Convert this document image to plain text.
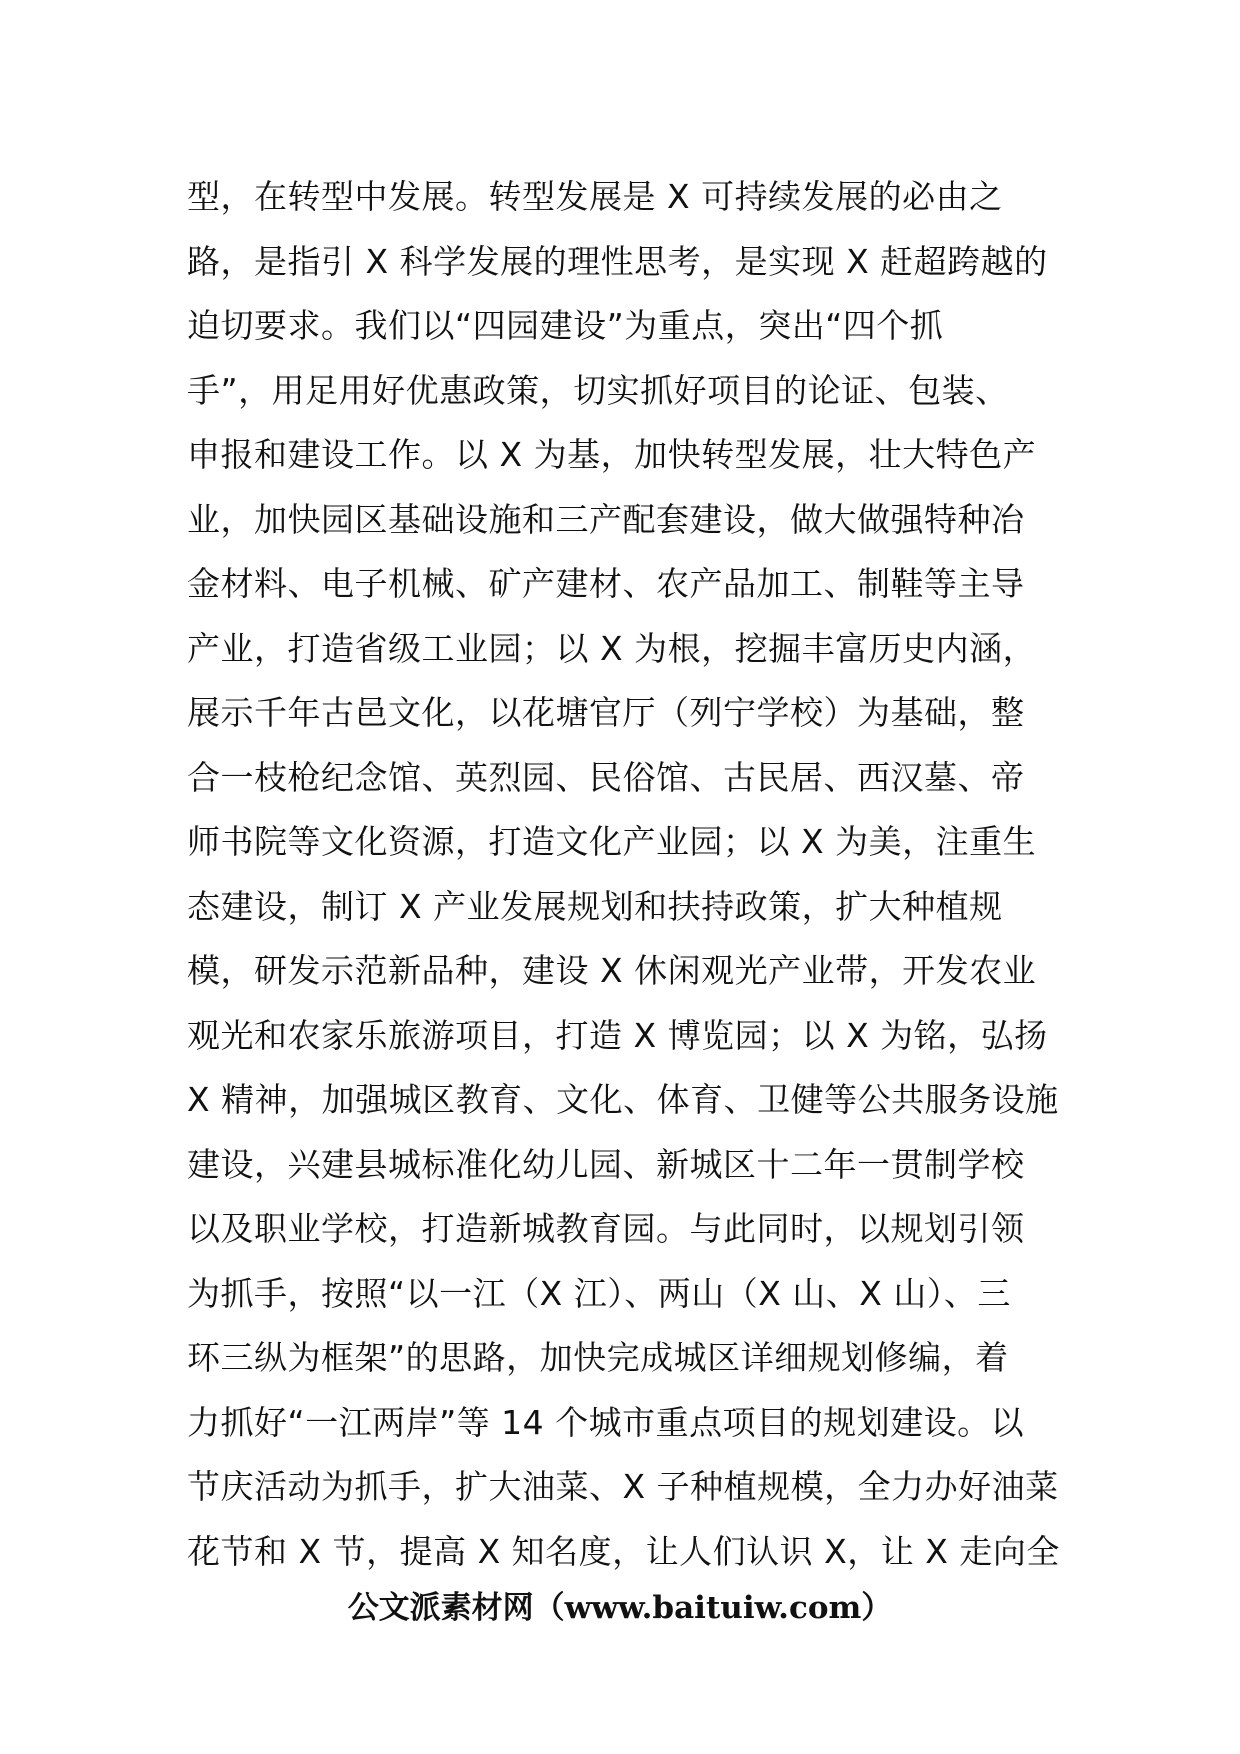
型，在转型中发展。转型发展是 X 可持续发展的必由之
路，是指引 X 科学发展的理性思考，是实现 X 赶超跨越的
迫切要求。我们以“四园建设”为重点，突出“四个抓
手”，用足用好优惠政策，切实抓好项目的论证、包装、
申报和建设工作。以 X 为基，加快转型发展，壮大特色产
业，加快园区基础设施和三产配套建设，做大做强特种冶
金材料、电子机械、矿产建材、农产品加工、制鞋等主导
产业，打造省级工业园；以 X 为根，挖掘丰富历史内涵，
展示千年古邑文化，以花塘官厅（列宁学校）为基础，整
合一枝枪纪念馆、英烈园、民俗馆、古民居、西汉墓、帝
师书院等文化资源，打造文化产业园；以 X 为美，注重生
态建设，制订 X 产业发展规划和扶持政策，扩大种植规
模，研发示范新品种，建设 X 休闲观光产业带，开发农业
观光和农家乐旅游项目，打造 X 博览园；以 X 为铭，弘扬
X 精神，加强城区教育、文化、体育、卫健等公共服务设施
建设，兴建县城标准化幼儿园、新城区十二年一贯制学校
以及职业学校，打造新城教育园。与此同时，以规划引领
为抓手，按照“以一江（X 江）、两山（X 山、X 山）、三
环三纵为框架”的思路，加快完成城区详细规划修编，着
力抓好“一江两岸”等 14 个城市重点项目的规划建设。以
节庆活动为抓手，扩大油菜、X 子种植规模，全力办好油菜
花节和 X 节，提高 X 知名度，让人们认识 X，让 X 走向全
公文派素材网（www.baituiw.com）
